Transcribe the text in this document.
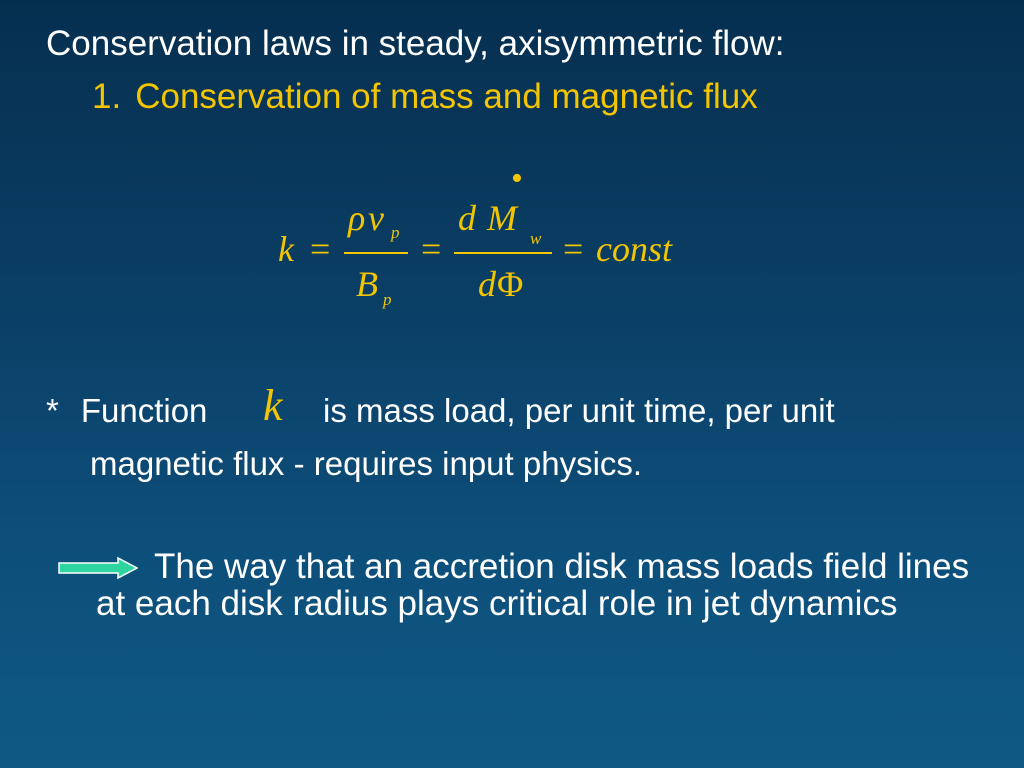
Conservation laws in steady, axisymmetric flow:
1. Conservation of mass and magnetic flux
k =
ρ v p
B p
=
d M
•
w
d Φ
= const
* Function k is mass load, per unit time, per unit
magnetic flux - requires input physics.
The way that an accretion disk mass loads field lines at each disk radius plays critical role in jet dynamics
